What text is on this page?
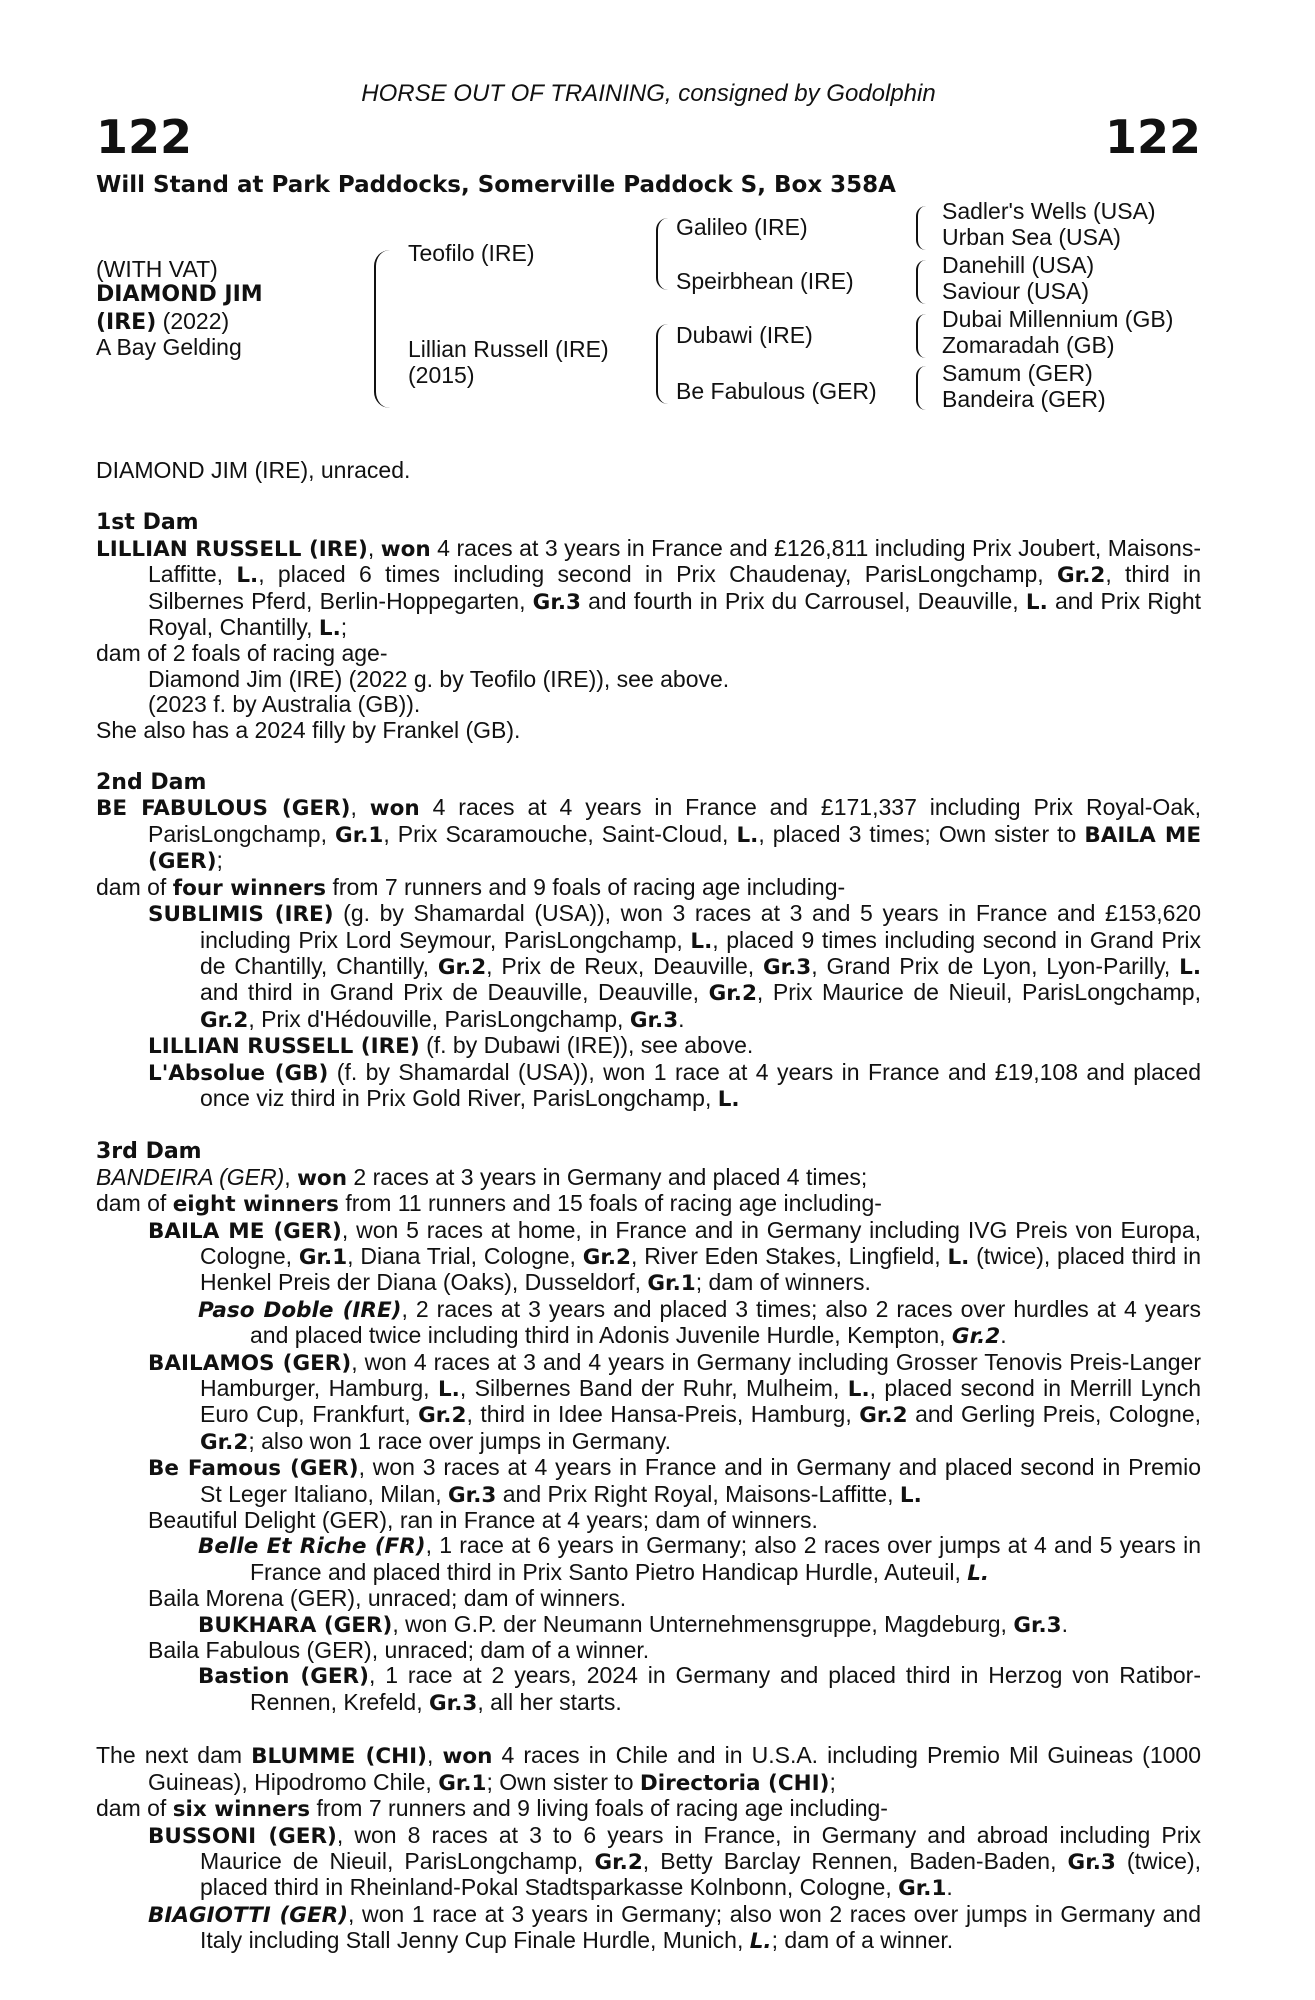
HORSE OUT OF TRAINING, consigned by Godolphin
122	122
Will Stand at Park Paddocks, Somerville Paddock S, Box 358A
(WITH VAT)
DIAMOND JIM
(IRE) (2022)
A Bay Gelding
Teofilo (IRE)
Lillian Russell (IRE)
(2015)
Galileo (IRE)
Speirbhean (IRE)
Dubawi (IRE)
Be Fabulous (GER)
Sadler's Wells (USA)
Urban Sea (USA)
Danehill (USA)
Saviour (USA)
Dubai Millennium (GB)
Zomaradah (GB)
Samum (GER)
Bandeira (GER)

DIAMOND JIM (IRE), unraced.

1st Dam

LILLIAN RUSSELL (IRE), won 4 races at 3 years in France and £126,811 including Prix Joubert, Maisons-Laffitte, L., placed 6 times including second in Prix Chaudenay, ParisLongchamp, Gr.2, third in Silbernes Pferd, Berlin-Hoppegarten, Gr.3 and fourth in Prix du Carrousel, Deauville, L. and Prix Right Royal, Chantilly, L.;

dam of 2 foals of racing age-

Diamond Jim (IRE) (2022 g. by Teofilo (IRE)), see above.

(2023 f. by Australia (GB)).

She also has a 2024 filly by Frankel (GB).

2nd Dam

BE FABULOUS (GER), won 4 races at 4 years in France and £171,337 including Prix Royal-Oak, ParisLongchamp, Gr.1, Prix Scaramouche, Saint-Cloud, L., placed 3 times; Own sister to BAILA ME (GER);

dam of four winners from 7 runners and 9 foals of racing age including-

SUBLIMIS (IRE) (g. by Shamardal (USA)), won 3 races at 3 and 5 years in France and £153,620 including Prix Lord Seymour, ParisLongchamp, L., placed 9 times including second in Grand Prix de Chantilly, Chantilly, Gr.2, Prix de Reux, Deauville, Gr.3, Grand Prix de Lyon, Lyon-Parilly, L. and third in Grand Prix de Deauville, Deauville, Gr.2, Prix Maurice de Nieuil, ParisLongchamp, Gr.2, Prix d'Hédouville, ParisLongchamp, Gr.3.

LILLIAN RUSSELL (IRE) (f. by Dubawi (IRE)), see above.

L'Absolue (GB) (f. by Shamardal (USA)), won 1 race at 4 years in France and £19,108 and placed once viz third in Prix Gold River, ParisLongchamp, L.

3rd Dam

BANDEIRA (GER), won 2 races at 3 years in Germany and placed 4 times;

dam of eight winners from 11 runners and 15 foals of racing age including-

BAILA ME (GER), won 5 races at home, in France and in Germany including IVG Preis von Europa, Cologne, Gr.1, Diana Trial, Cologne, Gr.2, River Eden Stakes, Lingfield, L. (twice), placed third in Henkel Preis der Diana (Oaks), Dusseldorf, Gr.1; dam of winners.

Paso Doble (IRE), 2 races at 3 years and placed 3 times; also 2 races over hurdles at 4 years and placed twice including third in Adonis Juvenile Hurdle, Kempton, Gr.2.

BAILAMOS (GER), won 4 races at 3 and 4 years in Germany including Grosser Tenovis Preis-Langer Hamburger, Hamburg, L., Silbernes Band der Ruhr, Mulheim, L., placed second in Merrill Lynch Euro Cup, Frankfurt, Gr.2, third in Idee Hansa-Preis, Hamburg, Gr.2 and Gerling Preis, Cologne, Gr.2; also won 1 race over jumps in Germany.

Be Famous (GER), won 3 races at 4 years in France and in Germany and placed second in Premio St Leger Italiano, Milan, Gr.3 and Prix Right Royal, Maisons-Laffitte, L.

Beautiful Delight (GER), ran in France at 4 years; dam of winners.

Belle Et Riche (FR), 1 race at 6 years in Germany; also 2 races over jumps at 4 and 5 years in France and placed third in Prix Santo Pietro Handicap Hurdle, Auteuil, L.

Baila Morena (GER), unraced; dam of winners.

BUKHARA (GER), won G.P. der Neumann Unternehmensgruppe, Magdeburg, Gr.3.

Baila Fabulous (GER), unraced; dam of a winner.

Bastion (GER), 1 race at 2 years, 2024 in Germany and placed third in Herzog von Ratibor-Rennen, Krefeld, Gr.3, all her starts.

The next dam BLUMME (CHI), won 4 races in Chile and in U.S.A. including Premio Mil Guineas (1000 Guineas), Hipodromo Chile, Gr.1; Own sister to Directoria (CHI);

dam of six winners from 7 runners and 9 living foals of racing age including-

BUSSONI (GER), won 8 races at 3 to 6 years in France, in Germany and abroad including Prix Maurice de Nieuil, ParisLongchamp, Gr.2, Betty Barclay Rennen, Baden-Baden, Gr.3 (twice), placed third in Rheinland-Pokal Stadtsparkasse Kolnbonn, Cologne, Gr.1.

BIAGIOTTI (GER), won 1 race at 3 years in Germany; also won 2 races over jumps in Germany and Italy including Stall Jenny Cup Finale Hurdle, Munich, L.; dam of a winner.
